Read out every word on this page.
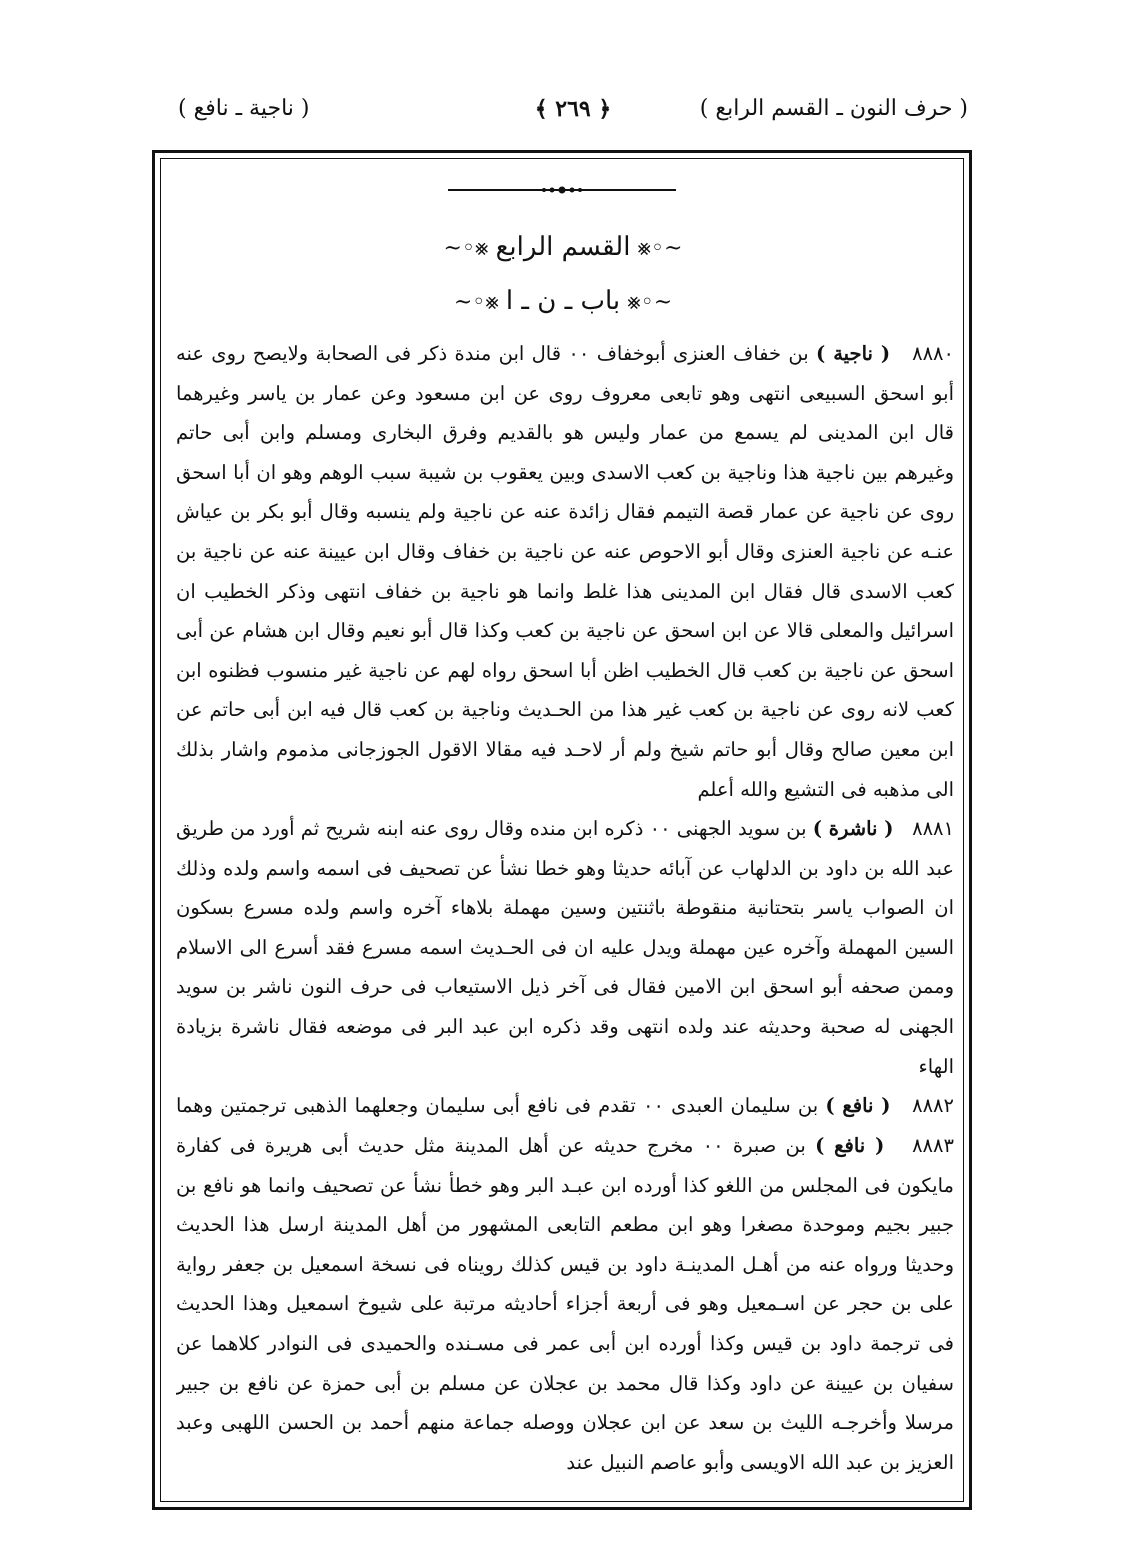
( حرف النون ـ القسم الرابع )
﴿ ٢٦٩ ﴾
( ناجية ـ نافع )
~◦⨳ القسم الرابع ⨳◦~
~◦⨳ باب ـ ن ـ ا ⨳◦~

٨٨٨٠   ( ناجية ) بن خفاف العنزى أبوخفاف ٠٠ قال ابن مندة ذكر فى الصحابة ولايصح روى عنه أبو اسحق السبيعى انتهى وهو تابعى معروف روى عن ابن مسعود وعن عمار بن ياسر وغيرهما قال ابن المدينى لم يسمع من عمار وليس هو بالقديم وفرق البخارى ومسلم وابن أبى حاتم وغيرهم بين ناجية هذا وناجية بن كعب الاسدى وبين يعقوب بن شيبة سبب الوهم وهو ان أبا اسحق روى عن ناجية عن عمار قصة التيمم فقال زائدة عنه عن ناجية ولم ينسبه وقال أبو بكر بن عياش عنـه عن ناجية العنزى وقال أبو الاحوص عنه عن ناجية بن خفاف وقال ابن عيينة عنه عن ناجية بن كعب الاسدى قال فقال ابن المدينى هذا غلط وانما هو ناجية بن خفاف انتهى وذكر الخطيب ان اسرائيل والمعلى قالا عن ابن اسحق عن ناجية بن كعب وكذا قال أبو نعيم وقال ابن هشام عن أبى اسحق عن ناجية بن كعب قال الخطيب اظن أبا اسحق رواه لهم عن ناجية غير منسوب فظنوه ابن كعب لانه روى عن ناجية بن كعب غير هذا من الحـديث وناجية بن كعب قال فيه ابن أبى حاتم عن ابن معين صالح وقال أبو حاتم شيخ ولم أر لاحـد فيه مقالا الاقول الجوزجانى مذموم واشار بذلك الى مذهبه فى التشيع والله أعلم

٨٨٨١   ( ناشرة ) بن سويد الجهنى ٠٠ ذكره ابن منده وقال روى عنه ابنه شريح ثم أورد من طريق عبد الله بن داود بن الدلهاب عن آبائه حديثا وهو خطا نشأ عن تصحيف فى اسمه واسم ولده وذلك ان الصواب ياسر بتحتانية منقوطة باثنتين وسين مهملة بلاهاء آخره واسم ولده مسرع بسكون السين المهملة وآخره عين مهملة ويدل عليه ان فى الحـديث اسمه مسرع فقد أسرع الى الاسلام وممن صحفه أبو اسحق ابن الامين فقال فى آخر ذيل الاستيعاب فى حرف النون ناشر بن سويد الجهنى له صحبة وحديثه عند ولده انتهى وقد ذكره ابن عبد البر فى موضعه فقال ناشرة بزيادة الهاء

٨٨٨٢   ( نافع ) بن سليمان العبدى ٠٠ تقدم فى نافع أبى سليمان وجعلهما الذهبى ترجمتين وهما

٨٨٨٣   ( نافع ) بن صبرة ٠٠ مخرج حديثه عن أهل المدينة مثل حديث أبى هريرة فى كفارة مايكون فى المجلس من اللغو كذا أورده ابن عبـد البر وهو خطأ نشأ عن تصحيف وانما هو نافع بن جبير بجيم وموحدة مصغرا وهو ابن مطعم التابعى المشهور من أهل المدينة ارسل هذا الحديث وحديثا ورواه عنه من أهـل المدينـة داود بن قيس كذلك رويناه فى نسخة اسمعيل بن جعفر رواية على بن حجر عن اسـمعيل وهو فى أربعة أجزاء أحاديثه مرتبة على شيوخ اسمعيل وهذا الحديث فى ترجمة داود بن قيس وكذا أورده ابن أبى عمر فى مسـنده والحميدى فى النوادر كلاهما عن سفيان بن عيينة عن داود وكذا قال محمد بن عجلان عن مسلم بن أبى حمزة عن نافع بن جبير مرسلا وأخرجـه الليث بن سعد عن ابن عجلان ووصله جماعة منهم أحمد بن الحسن اللهبى وعبد العزيز بن عبد الله الاويسى وأبو عاصم النبيل عند
